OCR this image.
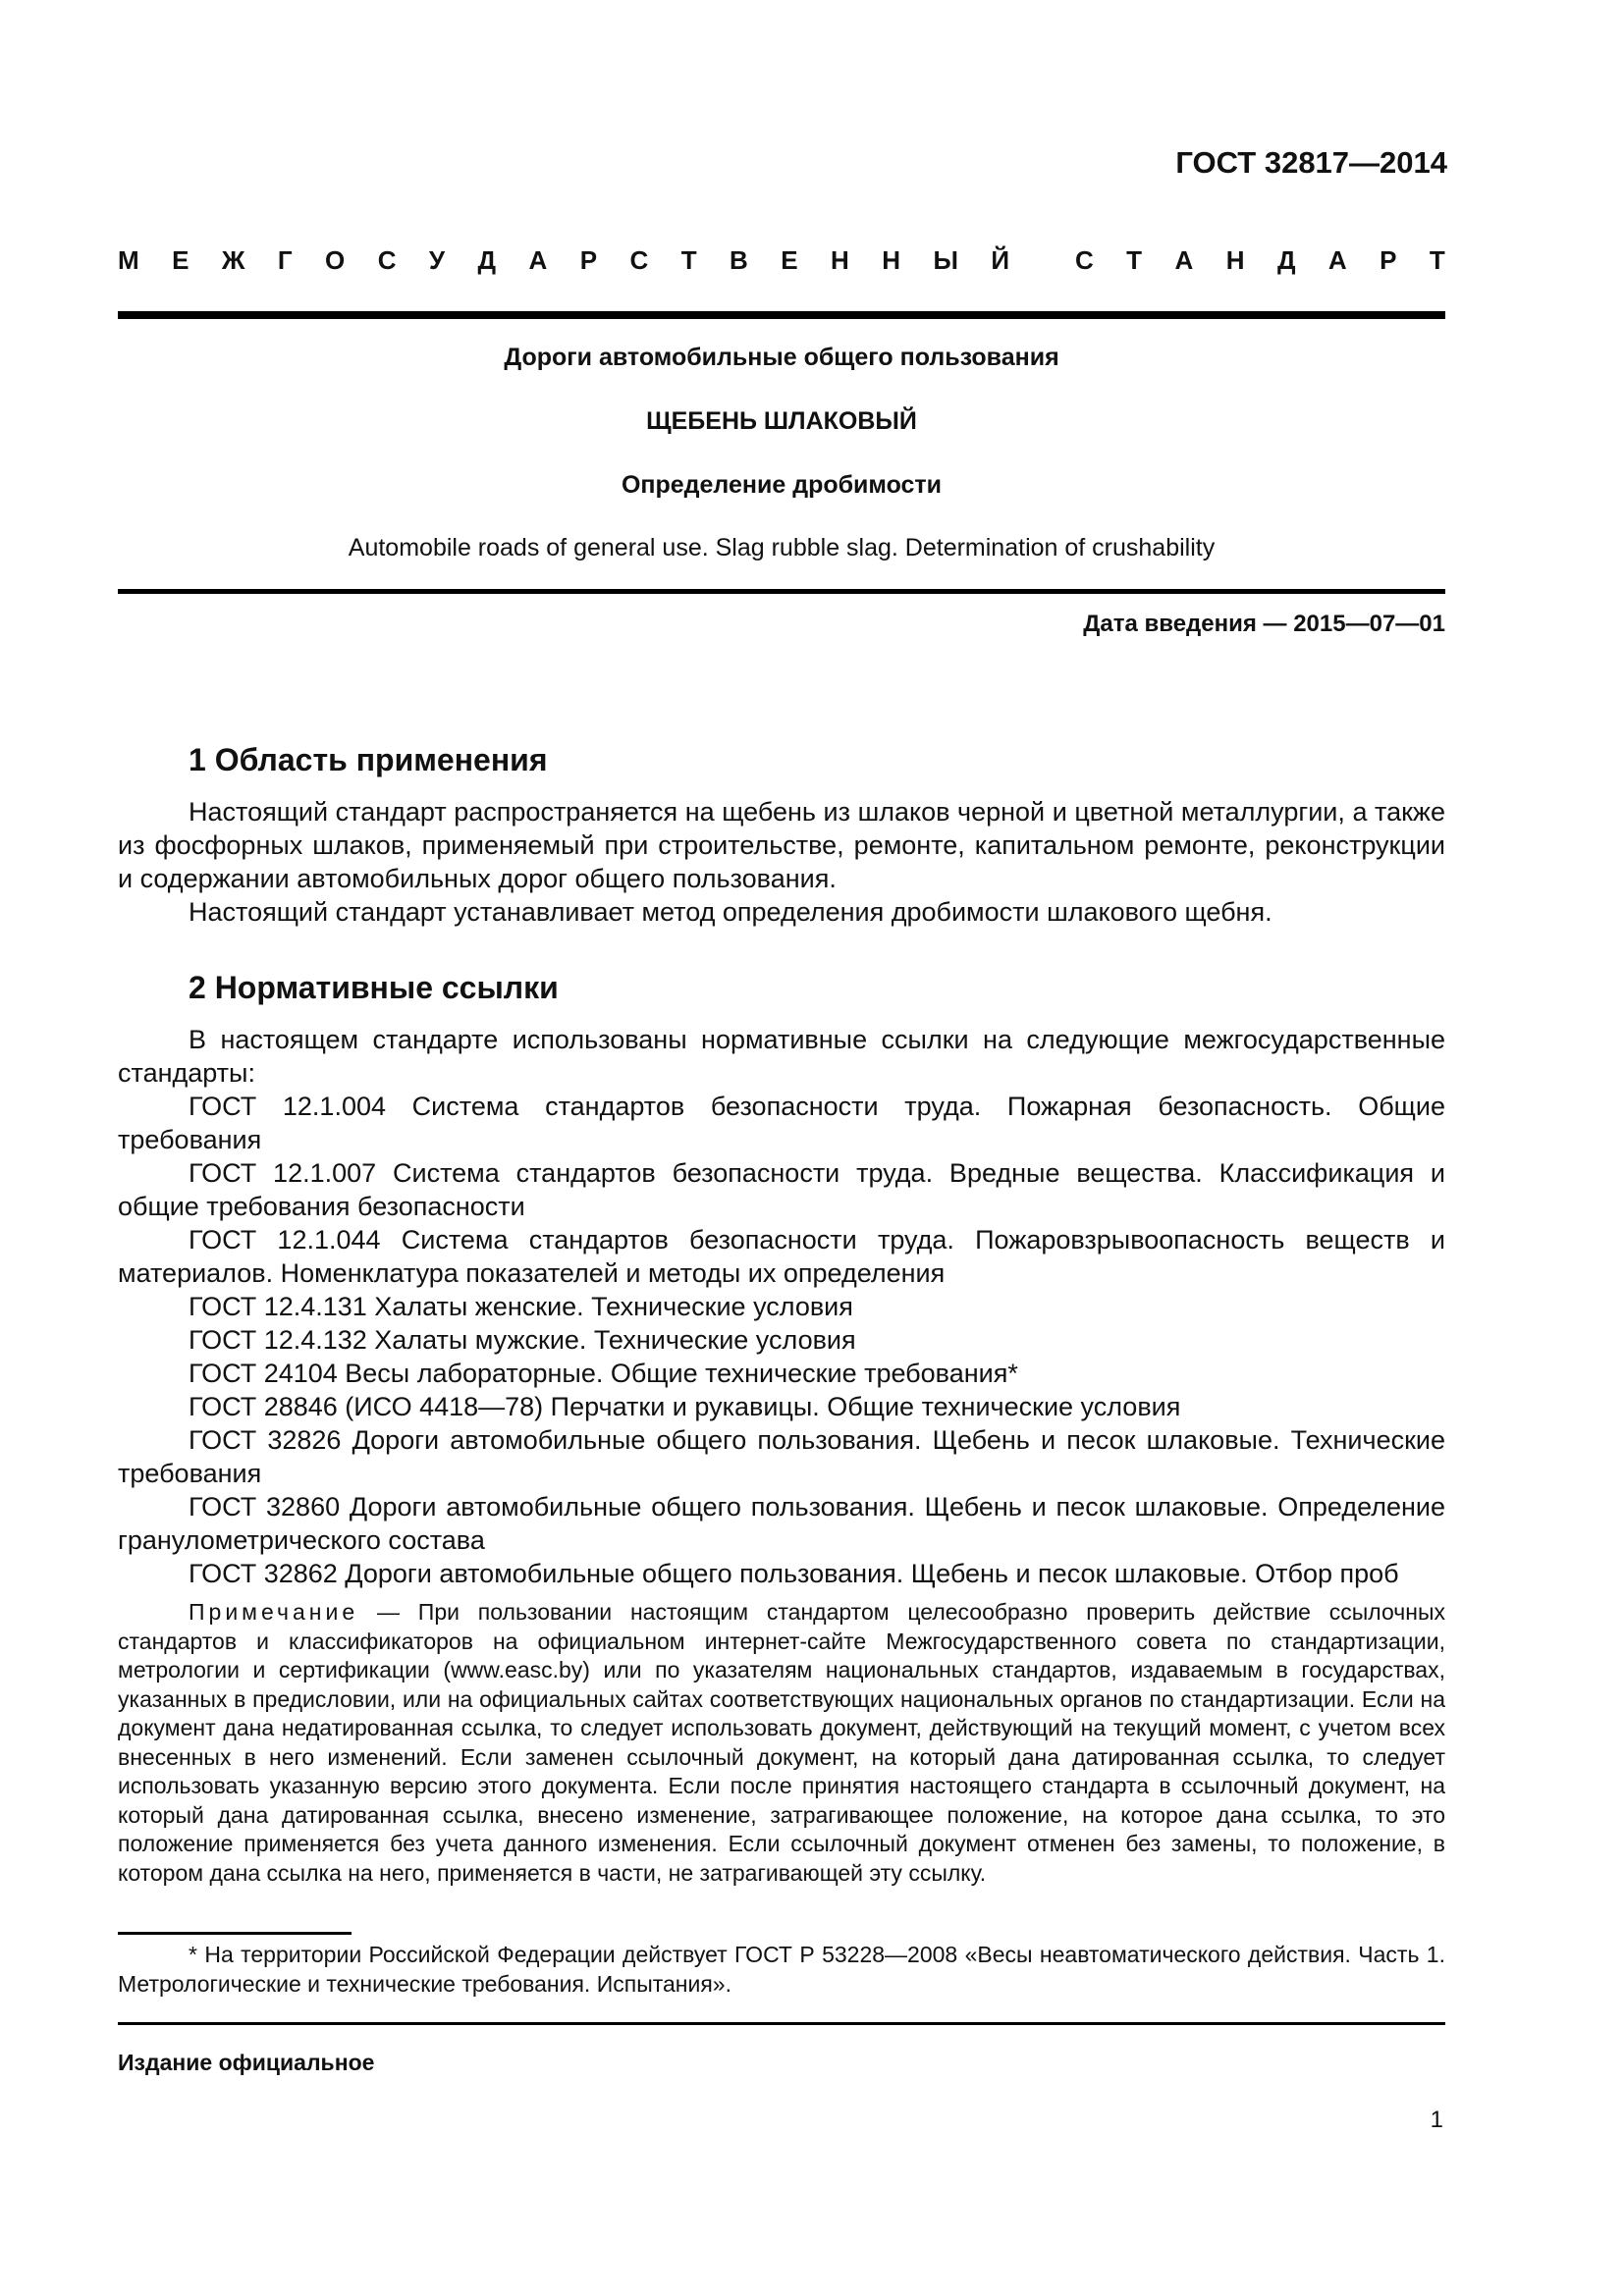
ГОСТ 32817—2014
М Е Ж Г О С У Д А Р С Т В Е Н Н Ы Й	С Т А Н Д А Р Т
Дороги автомобильные общего пользования
ЩЕБЕНЬ ШЛАКОВЫЙ
Определение дробимости
Automobile roads of general use. Slag rubble slag. Determination of crushability
Дата введения — 2015—07—01
1 Область применения

Настоящий стандарт распространяется на щебень из шлаков черной и цветной металлургии, а также из фосфорных шлаков, применяемый при строительстве, ремонте, капитальном ремонте, реконструкции и содержании автомобильных дорог общего пользования.

Настоящий стандарт устанавливает метод определения дробимости шлакового щебня.

2 Нормативные ссылки

В настоящем стандарте использованы нормативные ссылки на следующие межгосударственные стандарты:

ГОСТ 12.1.004 Система стандартов безопасности труда. Пожарная безопасность. Общие требования
ГОСТ 12.1.007 Система стандартов безопасности труда. Вредные вещества. Классификация и общие требования безопасности
ГОСТ 12.1.044 Система стандартов безопасности труда. Пожаровзрывоопасность веществ и материалов. Номенклатура показателей и методы их определения
ГОСТ 12.4.131 Халаты женские. Технические условия
ГОСТ 12.4.132 Халаты мужские. Технические условия
ГОСТ 24104 Весы лабораторные. Общие технические требования*
ГОСТ 28846 (ИСО 4418—78) Перчатки и рукавицы. Общие технические условия
ГОСТ 32826 Дороги автомобильные общего пользования. Щебень и песок шлаковые. Технические требования
ГОСТ 32860 Дороги автомобильные общего пользования. Щебень и песок шлаковые. Определение гранулометрического состава
ГОСТ 32862 Дороги автомобильные общего пользования. Щебень и песок шлаковые. Отбор проб

Примечание — При пользовании настоящим стандартом целесообразно проверить действие ссылочных стандартов и классификаторов на официальном интернет-сайте Межгосударственного совета по стандартизации, метрологии и сертификации (www.easc.by) или по указателям национальных стандартов, издаваемым в государствах, указанных в предисловии, или на официальных сайтах соответствующих национальных органов по стандартизации. Если на документ дана недатированная ссылка, то следует использовать документ, действующий на текущий момент, с учетом всех внесенных в него изменений. Если заменен ссылочный документ, на который дана датированная ссылка, то следует использовать указанную версию этого документа. Если после принятия настоящего стандарта в ссылочный документ, на который дана датированная ссылка, внесено изменение, затрагивающее положение, на которое дана ссылка, то это положение применяется без учета данного изменения. Если ссылочный документ отменен без замены, то положение, в котором дана ссылка на него, применяется в части, не затрагивающей эту ссылку.

* На территории Российской Федерации действует ГОСТ Р 53228—2008 «Весы неавтоматического действия. Часть 1. Метрологические и технические требования. Испытания».
Издание официальное
1
